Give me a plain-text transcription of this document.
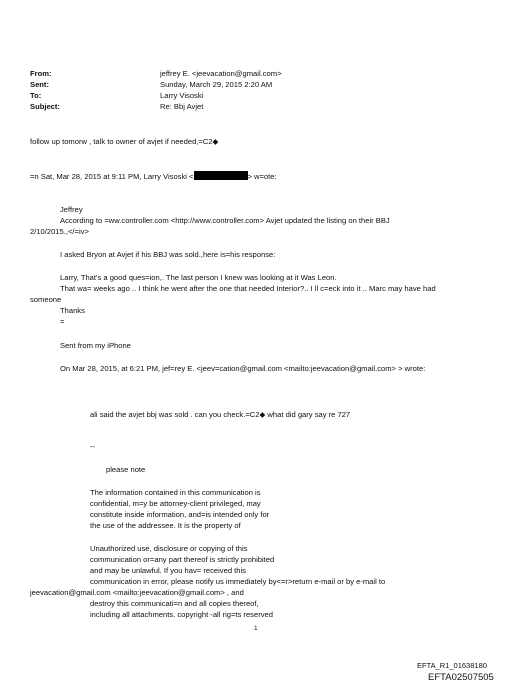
From:	jeffrey E. <jeevacation@gmail.com>
Sent:	Sunday, March 29, 2015 2:20 AM
To:	Larry Visoski
Subject:	Re: Bbj Avjet
follow up tomorw , talk to owner of avjet if needed,=C2◆
=n Sat, Mar 28, 2015 at 9:11 PM, Larry Visoski <	> w=ote:
Jeffrey
According to =ww.controller.com <http://www.controller.com> Avjet updated the listing on their BBJ
2/10/2015.,</=iv>
I asked Bryon at Avjet if his BBJ was sold.,here is=his response:
Larry, That's a good ques=ion,. The last person I knew was looking at it Was Leon.
That wa= weeks ago .. I think he went after the one that needed Interior?.. I ll c=eck into it .. Marc may have had
someone
Thanks
=
Sent from my iPhone
On Mar 28, 2015, at 6:21 PM, jef=rey E. <jeev=cation@gmail.com <mailto:jeevacation@gmail.com> > wrote:
ali said the avjet bbj was sold . can you check.=C2◆ what did gary say re 727
--
please note
The information contained in this communication is
confidential, m=y be attorney-client privileged, may
constitute inside information, and=is intended only for
the use of the addressee. It is the property of
Unauthorized use, disclosure or copying of this
communication or=any part thereof is strictly prohibited
and may be unlawful. If you hav= received this
communication in error, please notify us immediately by<=r>return e-mail or by e-mail to
jeevacation@gmail.com <mailto:jeevacation@gmail.com> , and
destroy this communicati=n and all copies thereof,
including all attachments. copyright -all rig=ts reserved
1
EFTA_R1_01638180
EFTA02507505
